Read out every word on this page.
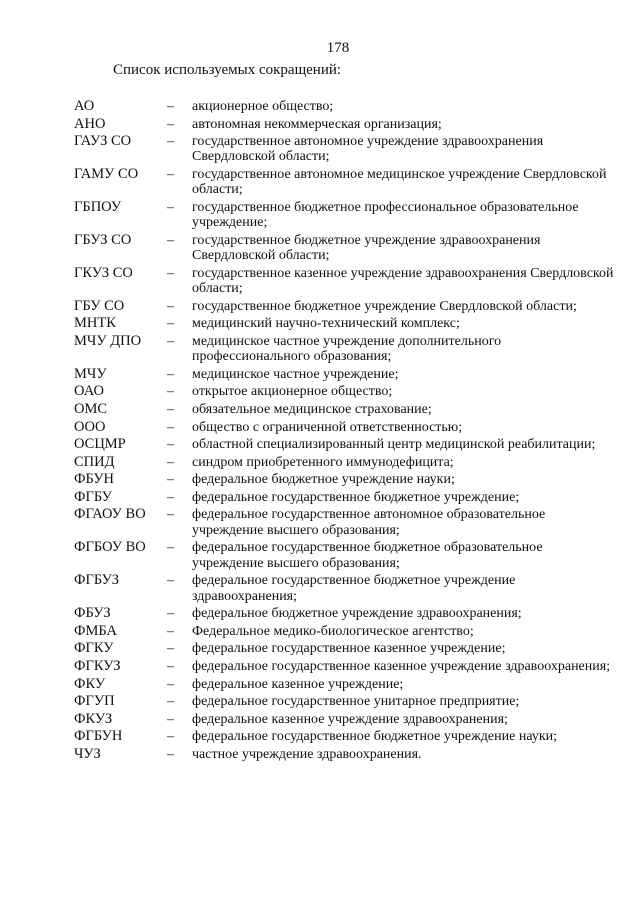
178
Список используемых сокращений:
АО	–	акционерное общество;
АНО	–	автономная некоммерческая организация;
ГАУЗ СО	–	государственное автономное учреждение здравоохранения Свердловской области;
ГАМУ СО	–	государственное автономное медицинское учреждение Свердловской области;
ГБПОУ	–	государственное бюджетное профессиональное образовательное учреждение;
ГБУЗ СО	–	государственное бюджетное учреждение здравоохранения Свердловской области;
ГКУЗ СО	–	государственное казенное учреждение здравоохранения Свердловской области;
ГБУ СО	–	государственное бюджетное учреждение Свердловской области;
МНТК	–	медицинский научно-технический комплекс;
МЧУ ДПО	–	медицинское частное учреждение дополнительного профессионального образования;
МЧУ	–	медицинское частное учреждение;
ОАО	–	открытое акционерное общество;
ОМС	–	обязательное медицинское страхование;
ООО	–	общество с ограниченной ответственностью;
ОСЦМР	–	областной специализированный центр медицинской реабилитации;
СПИД	–	синдром приобретенного иммунодефицита;
ФБУН	–	федеральное бюджетное учреждение науки;
ФГБУ	–	федеральное государственное бюджетное учреждение;
ФГАОУ ВО	–	федеральное государственное автономное образовательное учреждение высшего образования;
ФГБОУ ВО	–	федеральное государственное бюджетное образовательное учреждение высшего образования;
ФГБУЗ	–	федеральное государственное бюджетное учреждение здравоохранения;
ФБУЗ	–	федеральное бюджетное учреждение здравоохранения;
ФМБА	–	Федеральное медико-биологическое агентство;
ФГКУ	–	федеральное государственное казенное учреждение;
ФГКУЗ	–	федеральное государственное казенное учреждение здравоохранения;
ФКУ	–	федеральное казенное учреждение;
ФГУП	–	федеральное государственное унитарное предприятие;
ФКУЗ	–	федеральное казенное учреждение здравоохранения;
ФГБУН	–	федеральное государственное бюджетное учреждение науки;
ЧУЗ	–	частное учреждение здравоохранения.
